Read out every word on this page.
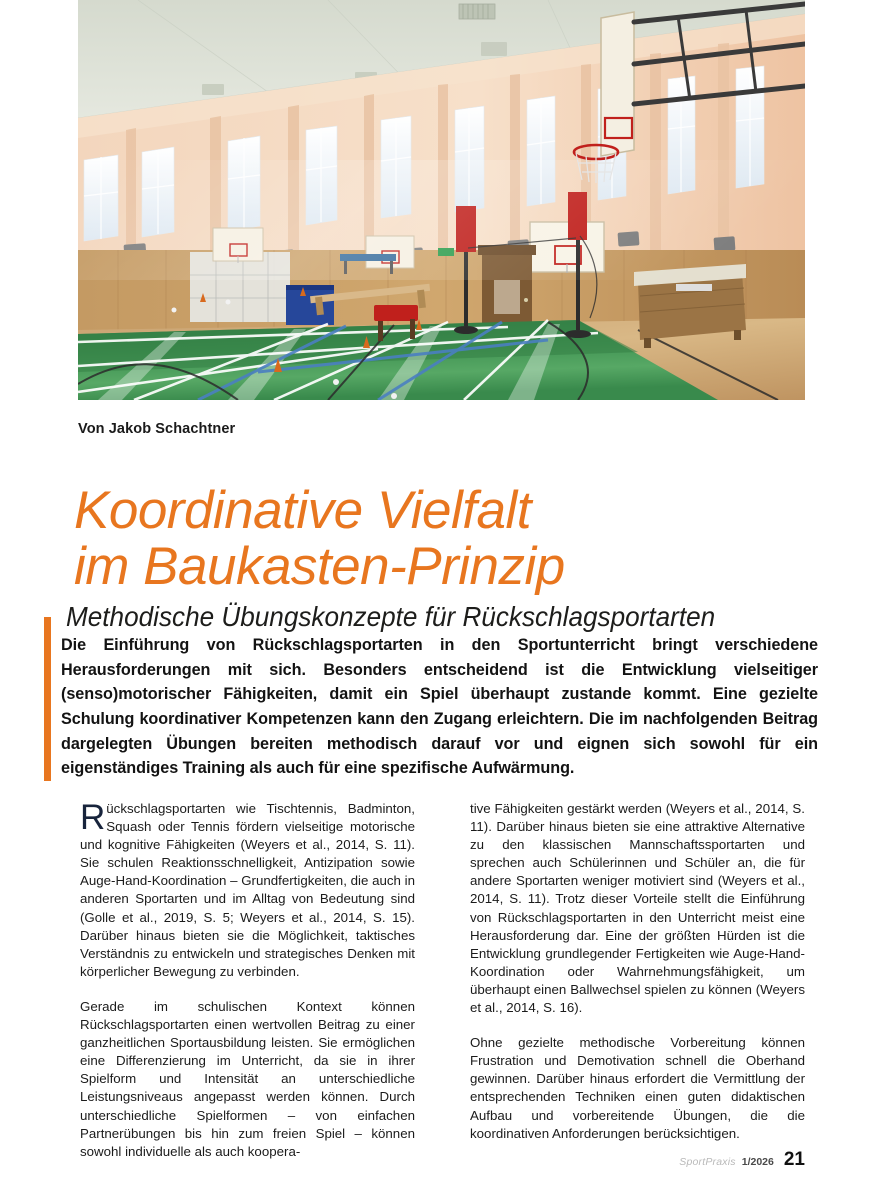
Von Jakob Schachtner
Koordinative Vielfalt
im Baukasten-Prinzip
Methodische Übungskonzepte für Rückschlagsportarten

Die Einführung von Rückschlagsportarten in den Sportunterricht bringt verschiedene Herausforderungen mit sich. Besonders entscheidend ist die Entwicklung vielseitiger (senso)motorischer Fähigkeiten, damit ein Spiel überhaupt zustande kommt. Eine gezielte Schulung koordinativer Kompetenzen kann den Zugang erleichtern. Die im nachfolgenden Beitrag dargelegten Übungen bereiten methodisch darauf vor und eignen sich sowohl für ein eigenständiges Training als auch für eine spezifische Aufwärmung.

Rückschlagsportarten wie Tischtennis, Badminton, Squash oder Tennis fördern vielseitige motorische und kognitive Fähigkeiten (Weyers et al., 2014, S. 11). Sie schulen Reaktionsschnelligkeit, Antizipation sowie Auge-Hand-Koordination – Grundfertigkeiten, die auch in anderen Sportarten und im Alltag von Bedeutung sind (Golle et al., 2019, S. 5; Weyers et al., 2014, S. 15). Darüber hinaus bieten sie die Möglichkeit, taktisches Verständnis zu entwickeln und strategisches Denken mit körperlicher Bewegung zu verbinden.

Gerade im schulischen Kontext können Rückschlagsportarten einen wertvollen Beitrag zu einer ganzheitlichen Sportausbildung leisten. Sie ermöglichen eine Differenzierung im Unterricht, da sie in ihrer Spielform und Intensität an unterschiedliche Leistungsniveaus angepasst werden können. Durch unterschiedliche Spielformen – von einfachen Partnerübungen bis hin zum freien Spiel – können sowohl individuelle als auch koopera-

tive Fähigkeiten gestärkt werden (Weyers et al., 2014, S. 11). Darüber hinaus bieten sie eine attraktive Alternative zu den klassischen Mannschaftssportarten und sprechen auch Schülerinnen und Schüler an, die für andere Sportarten weniger motiviert sind (Weyers et al., 2014, S. 11). Trotz dieser Vorteile stellt die Einführung von Rückschlagsportarten in den Unterricht meist eine Herausforderung dar. Eine der größten Hürden ist die Entwicklung grundlegender Fertigkeiten wie Auge-Hand-Koordination oder Wahrnehmungsfähigkeit, um überhaupt einen Ballwechsel spielen zu können (Weyers et al., 2014, S. 16).

Ohne gezielte methodische Vorbereitung können Frustration und Demotivation schnell die Oberhand gewinnen. Darüber hinaus erfordert die Vermittlung der entsprechenden Techniken einen guten didaktischen Aufbau und vorbereitende Übungen, die die koordinativen Anforderungen berücksichtigen.

SportPraxis 1/2026 21
